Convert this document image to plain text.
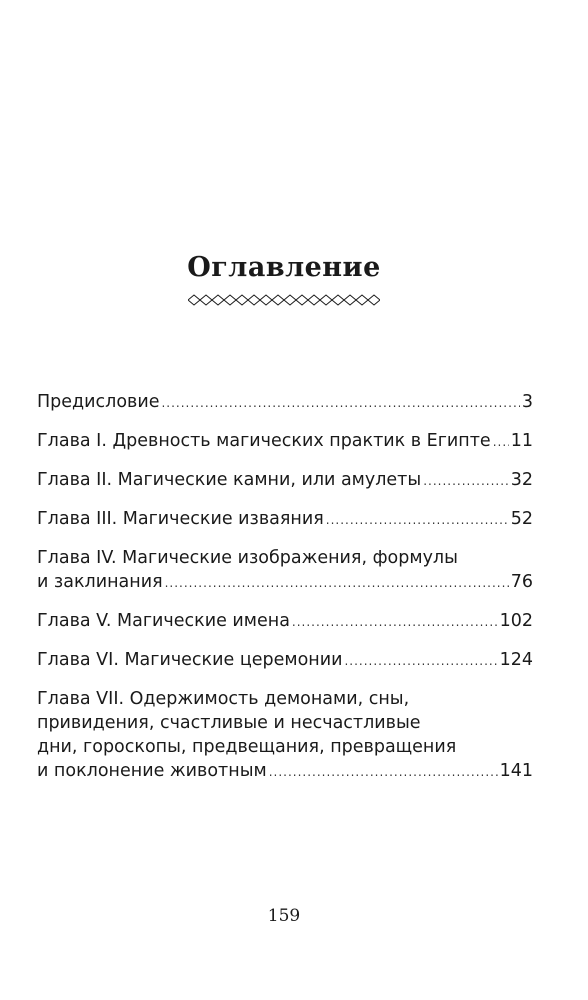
Оглавление
Предисловие .....	3
Глава I. Древность магических практик в Египте ..... 11
Глава II. Магические камни, или амулеты .....	32
Глава III. Магические изваяния .....	52
Глава IV. Магические изображения, формулы
и заклинания .....	76
Глава V. Магические имена .....	102
Глава VI. Магические церемонии .....	124
Глава VII. Одержимость демонами, сны,
привидения, счастливые и несчастливые
дни, гороскопы, предвещания, превращения
и поклонение животным .....	141
159
